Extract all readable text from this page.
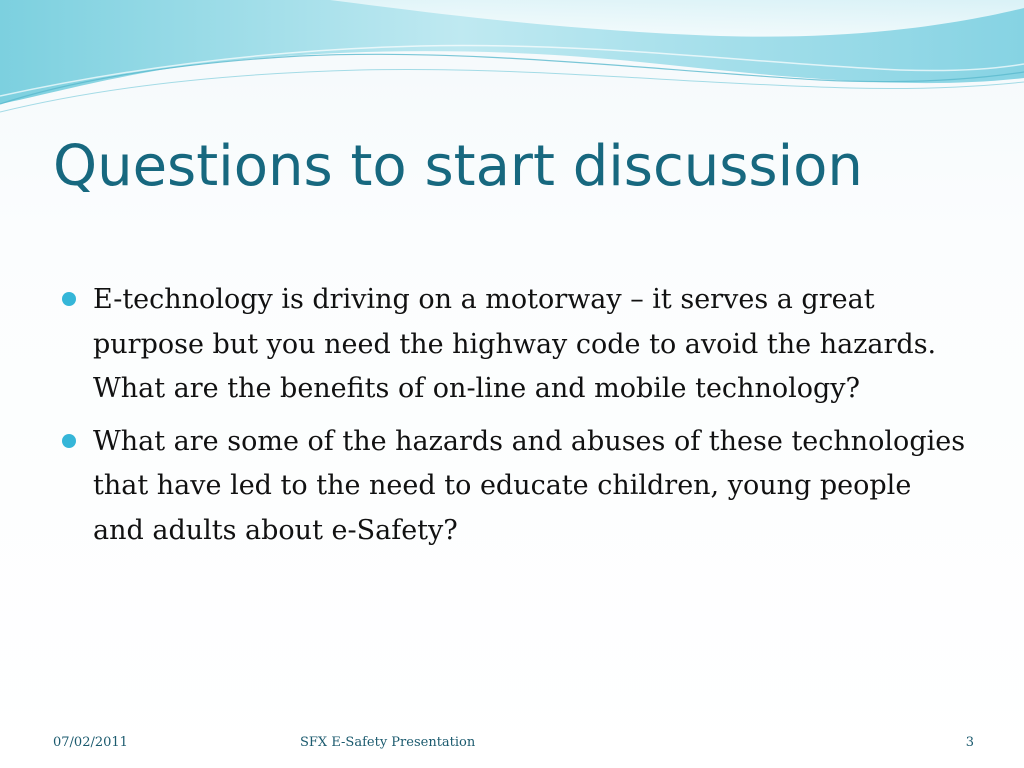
Questions to start discussion
E-technology is driving on a motorway – it serves a great purpose but you need the highway code to avoid the hazards. What are the benefits of on-line and mobile technology?
What are some of the hazards and abuses of these technologies that have led to the need to educate children, young people and adults about e-Safety?
07/02/2011	SFX E-Safety Presentation	3
